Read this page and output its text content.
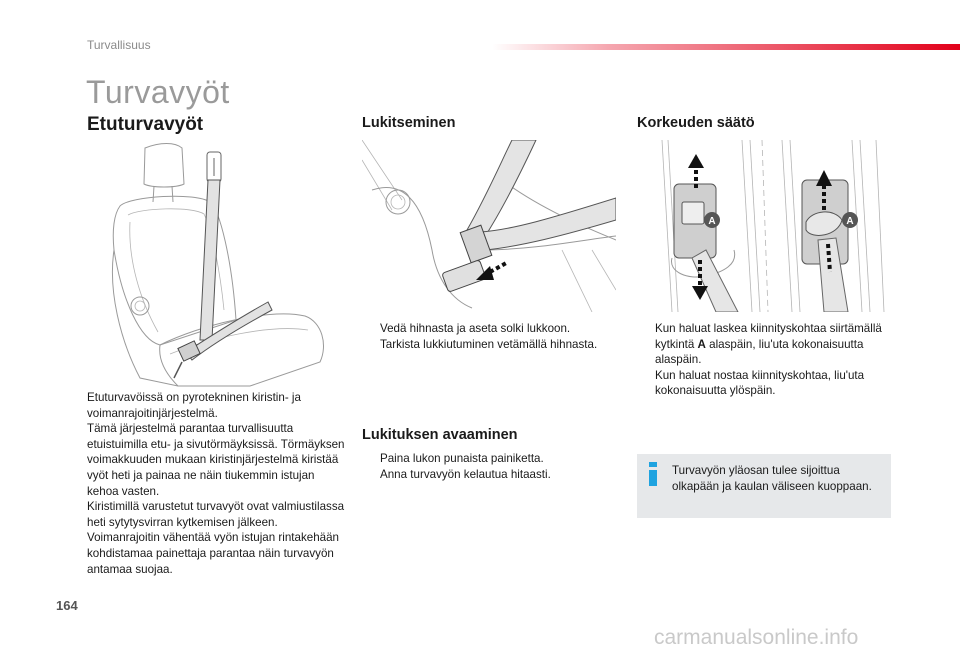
Turvallisuus
Turvavyöt
Etuturvavyöt

Etuturvavöissä on pyrotekninen kiristin- ja voimanrajoitinjärjestelmä.

Tämä järjestelmä parantaa turvallisuutta etuistuimilla etu- ja sivutörmäyksissä. Törmäyksen voimakkuuden mukaan kiristinjärjestelmä kiristää vyöt heti ja painaa ne näin tiukemmin istujan kehoa vasten.

Kiristimillä varustetut turvavyöt ovat valmiustilassa heti sytytysvirran kytkemisen jälkeen.

Voimanrajoitin vähentää vyön istujan rintakehään kohdistamaa painettaja parantaa näin turvavyön antamaa suojaa.

Lukitseminen
Vedä hihnasta ja aseta solki lukkoon.
Tarkista lukkiutuminen vetämällä hihnasta.
Lukituksen avaaminen
Paina lukon punaista painiketta.
Anna turvavyön kelautua hitaasti.
Korkeuden säätö
A	A
Kun haluat laskea kiinnityskohtaa siirtämällä kytkintä A alaspäin, liu'uta kokonaisuutta alaspäin.
Kun haluat nostaa kiinnityskohtaa, liu'uta kokonaisuutta ylöspäin.
Turvavyön yläosan tulee sijoittua olkapään ja kaulan väliseen kuoppaan.
164
carmanualsonline.info
